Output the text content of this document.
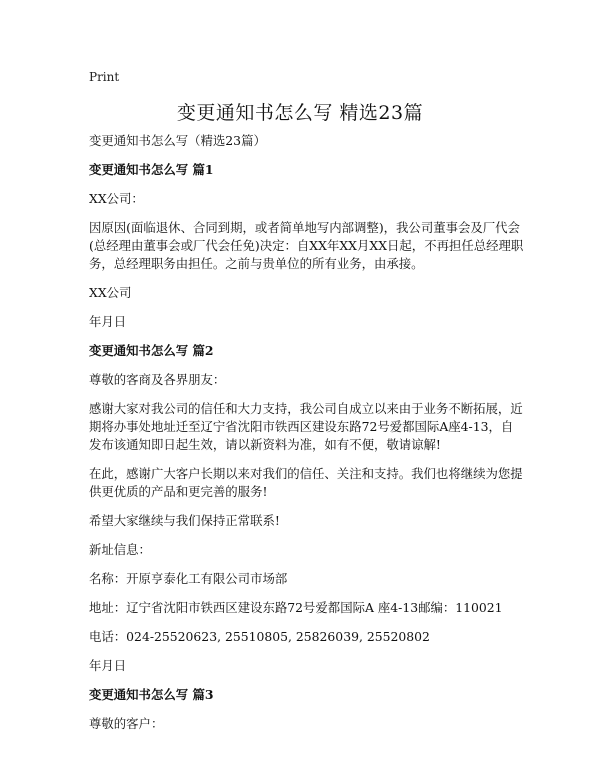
Print
变更通知书怎么写 精选23篇

变更通知书怎么写（精选23篇）

变更通知书怎么写 篇1

XX公司：

因原因(面临退休、合同到期，或者简单地写内部调整)，我公司董事会及厂代会(总经理由董事会或厂代会任免)决定：自XX年XX月XX日起，不再担任总经理职务，总经理职务由担任。之前与贵单位的所有业务，由承接。

XX公司

年月日

变更通知书怎么写 篇2

尊敬的客商及各界朋友：

感谢大家对我公司的信任和大力支持，我公司自成立以来由于业务不断拓展，近期将办事处地址迁至辽宁省沈阳市铁西区建设东路72号爱都国际A座4-13，自发布该通知即日起生效，请以新资料为准，如有不便，敬请谅解!

在此，感谢广大客户长期以来对我们的信任、关注和支持。我们也将继续为您提供更优质的产品和更完善的服务!

希望大家继续与我们保持正常联系!

新址信息：

名称：开原亨泰化工有限公司市场部

地址：辽宁省沈阳市铁西区建设东路72号爱都国际A 座4-13邮编：110021

电话：024-25520623, 25510805, 25826039, 25520802

年月日

变更通知书怎么写 篇3

尊敬的客户：
